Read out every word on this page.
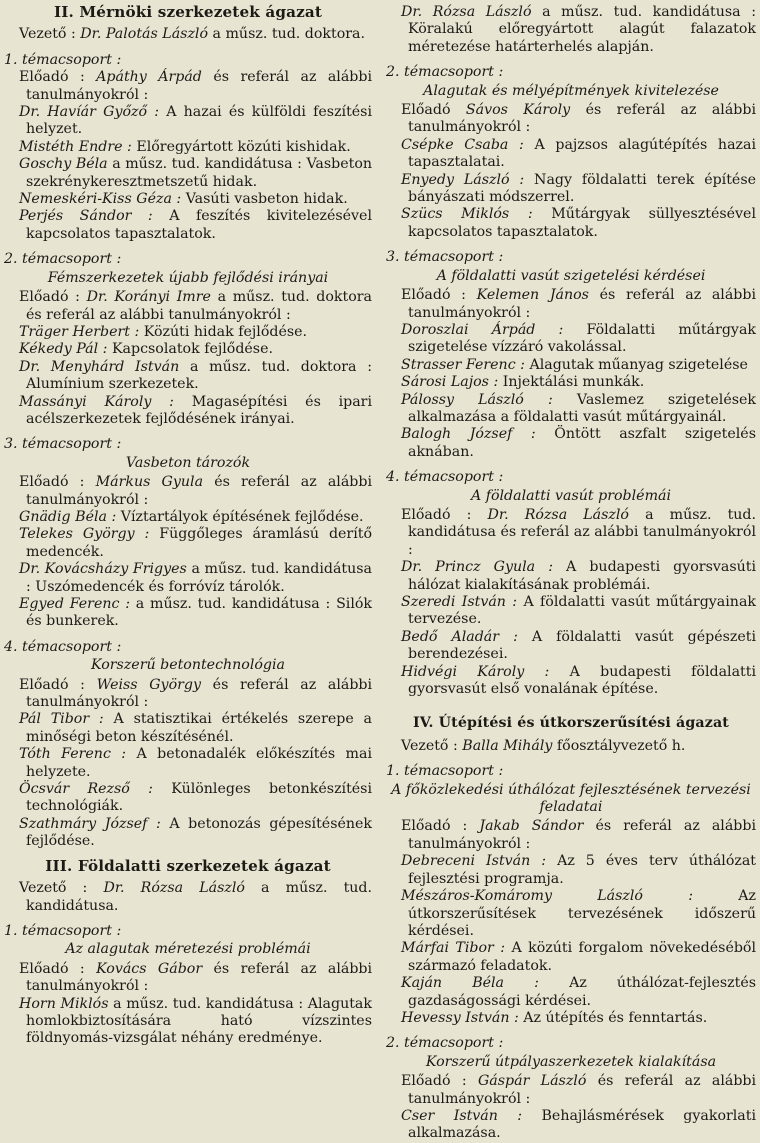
II. Mérnöki szerkezetek ágazat
Vezető : Dr. Palotás László a műsz. tud. doktora.
1. témacsoport :
Előadó : Apáthy Árpád és referál az alábbi tanulmányokról :
Dr. Havíár Győző : A hazai és külföldi feszítési helyzet.
Mistéth Endre : Előregyártott közúti kishidak.
Goschy Béla a műsz. tud. kandidátusa : Vasbeton szekrénykeresztmetszetű hidak.
Nemeskéri-Kiss Géza : Vasúti vasbeton hidak.
Perjés Sándor : A feszítés kivitelezésével kapcsolatos tapasztalatok.
2. témacsoport :
Fémszerkezetek újabb fejlődési irányai
Előadó : Dr. Korányi Imre a műsz. tud. doktora és referál az alábbi tanulmányokról :
Träger Herbert : Közúti hidak fejlődése.
Kékedy Pál : Kapcsolatok fejlődése.
Dr. Menyhárd István a műsz. tud. doktora : Alumínium szerkezetek.
Massányi Károly : Magasépítési és ipari acélszerkezetek fejlődésének irányai.
3. témacsoport :
Vasbeton tározók
Előadó : Márkus Gyula és referál az alábbi tanulmányokról :
Gnädig Béla : Víztartályok építésének fejlődése.
Telekes György : Függőleges áramlású derítő medencék.
Dr. Kovácsházy Frigyes a műsz. tud. kandidátusa : Uszómedencék és forróvíz tárolók.
Egyed Ferenc : a műsz. tud. kandidátusa : Silók és bunkerek.
4. témacsoport :
Korszerű betontechnológia
Előadó : Weiss György és referál az alábbi tanulmányokról :
Pál Tibor : A statisztikai értékelés szerepe a minőségi beton készítésénél.
Tóth Ferenc : A betonadalék előkészítés mai helyzete.
Öcsvár Rezső : Különleges betonkészítési technológiák.
Szathmáry József : A betonozás gépesítésének fejlődése.
III. Földalatti szerkezetek ágazat
Vezető : Dr. Rózsa László a műsz. tud. kandidátusa.
1. témacsoport :
Az alagutak méretezési problémái
Előadó : Kovács Gábor és referál az alábbi tanulmányokról :
Horn Miklós a műsz. tud. kandidátusa : Alagutak homlokbiztosítására ható vízszintes földnyomás-vizsgálat néhány eredménye.
Dr. Rózsa László a műsz. tud. kandidátusa : Köralakú előregyártott alagút falazatok méretezése határterhelés alapján.
2. témacsoport :
Alagutak és mélyépítmények kivitelezése
Előadó Sávos Károly és referál az alábbi tanulmányokról :
Csépke Csaba : A pajzsos alagútépítés hazai tapasztalatai.
Enyedy László : Nagy földalatti terek építése bányászati módszerrel.
Szücs Miklós : Műtárgyak süllyesztésével kapcsolatos tapasztalatok.
3. témacsoport :
A földalatti vasút szigetelési kérdései
Előadó : Kelemen János és referál az alábbi tanulmányokról :
Doroszlai Árpád : Földalatti műtárgyak szigetelése vízzáró vakolással.
Strasser Ferenc : Alagutak műanyag szigetelése
Sárosi Lajos : Injektálási munkák.
Pálossy László : Vaslemez szigetelések alkalmazása a földalatti vasút műtárgyainál.
Balogh József : Öntött aszfalt szigetelés aknában.
4. témacsoport :
A földalatti vasút problémái
Előadó : Dr. Rózsa László a műsz. tud. kandidátusa és referál az alábbi tanulmányokról :
Dr. Princz Gyula : A budapesti gyorsvasúti hálózat kialakításának problémái.
Szeredi István : A földalatti vasút műtárgyainak tervezése.
Bedő Aladár : A földalatti vasút gépészeti berendezései.
Hidvégi Károly : A budapesti földalatti gyorsvasút első vonalának építése.
IV. Útépítési és útkorszerűsítési ágazat
Vezető : Balla Mihály főosztályvezető h.
1. témacsoport :
A főközlekedési úthálózat fejlesztésének tervezési feladatai
Előadó : Jakab Sándor és referál az alábbi tanulmányokról :
Debreceni István : Az 5 éves terv úthálózat fejlesztési programja.
Mészáros-Komáromy László :	Az útkorszerűsítések tervezésének időszerű kérdései.
Márfai Tibor : A közúti forgalom növekedéséből származó feladatok.
Kaján Béla : Az úthálózat-fejlesztés gazdaságossági kérdései.
Hevessy István : Az útépítés és fenntartás.
2. témacsoport :
Korszerű útpályaszerkezetek kialakítása
Előadó : Gáspár László és referál az alábbi tanulmányokról :
Cser István : Behajlásmérések gyakorlati alkalmazása.
